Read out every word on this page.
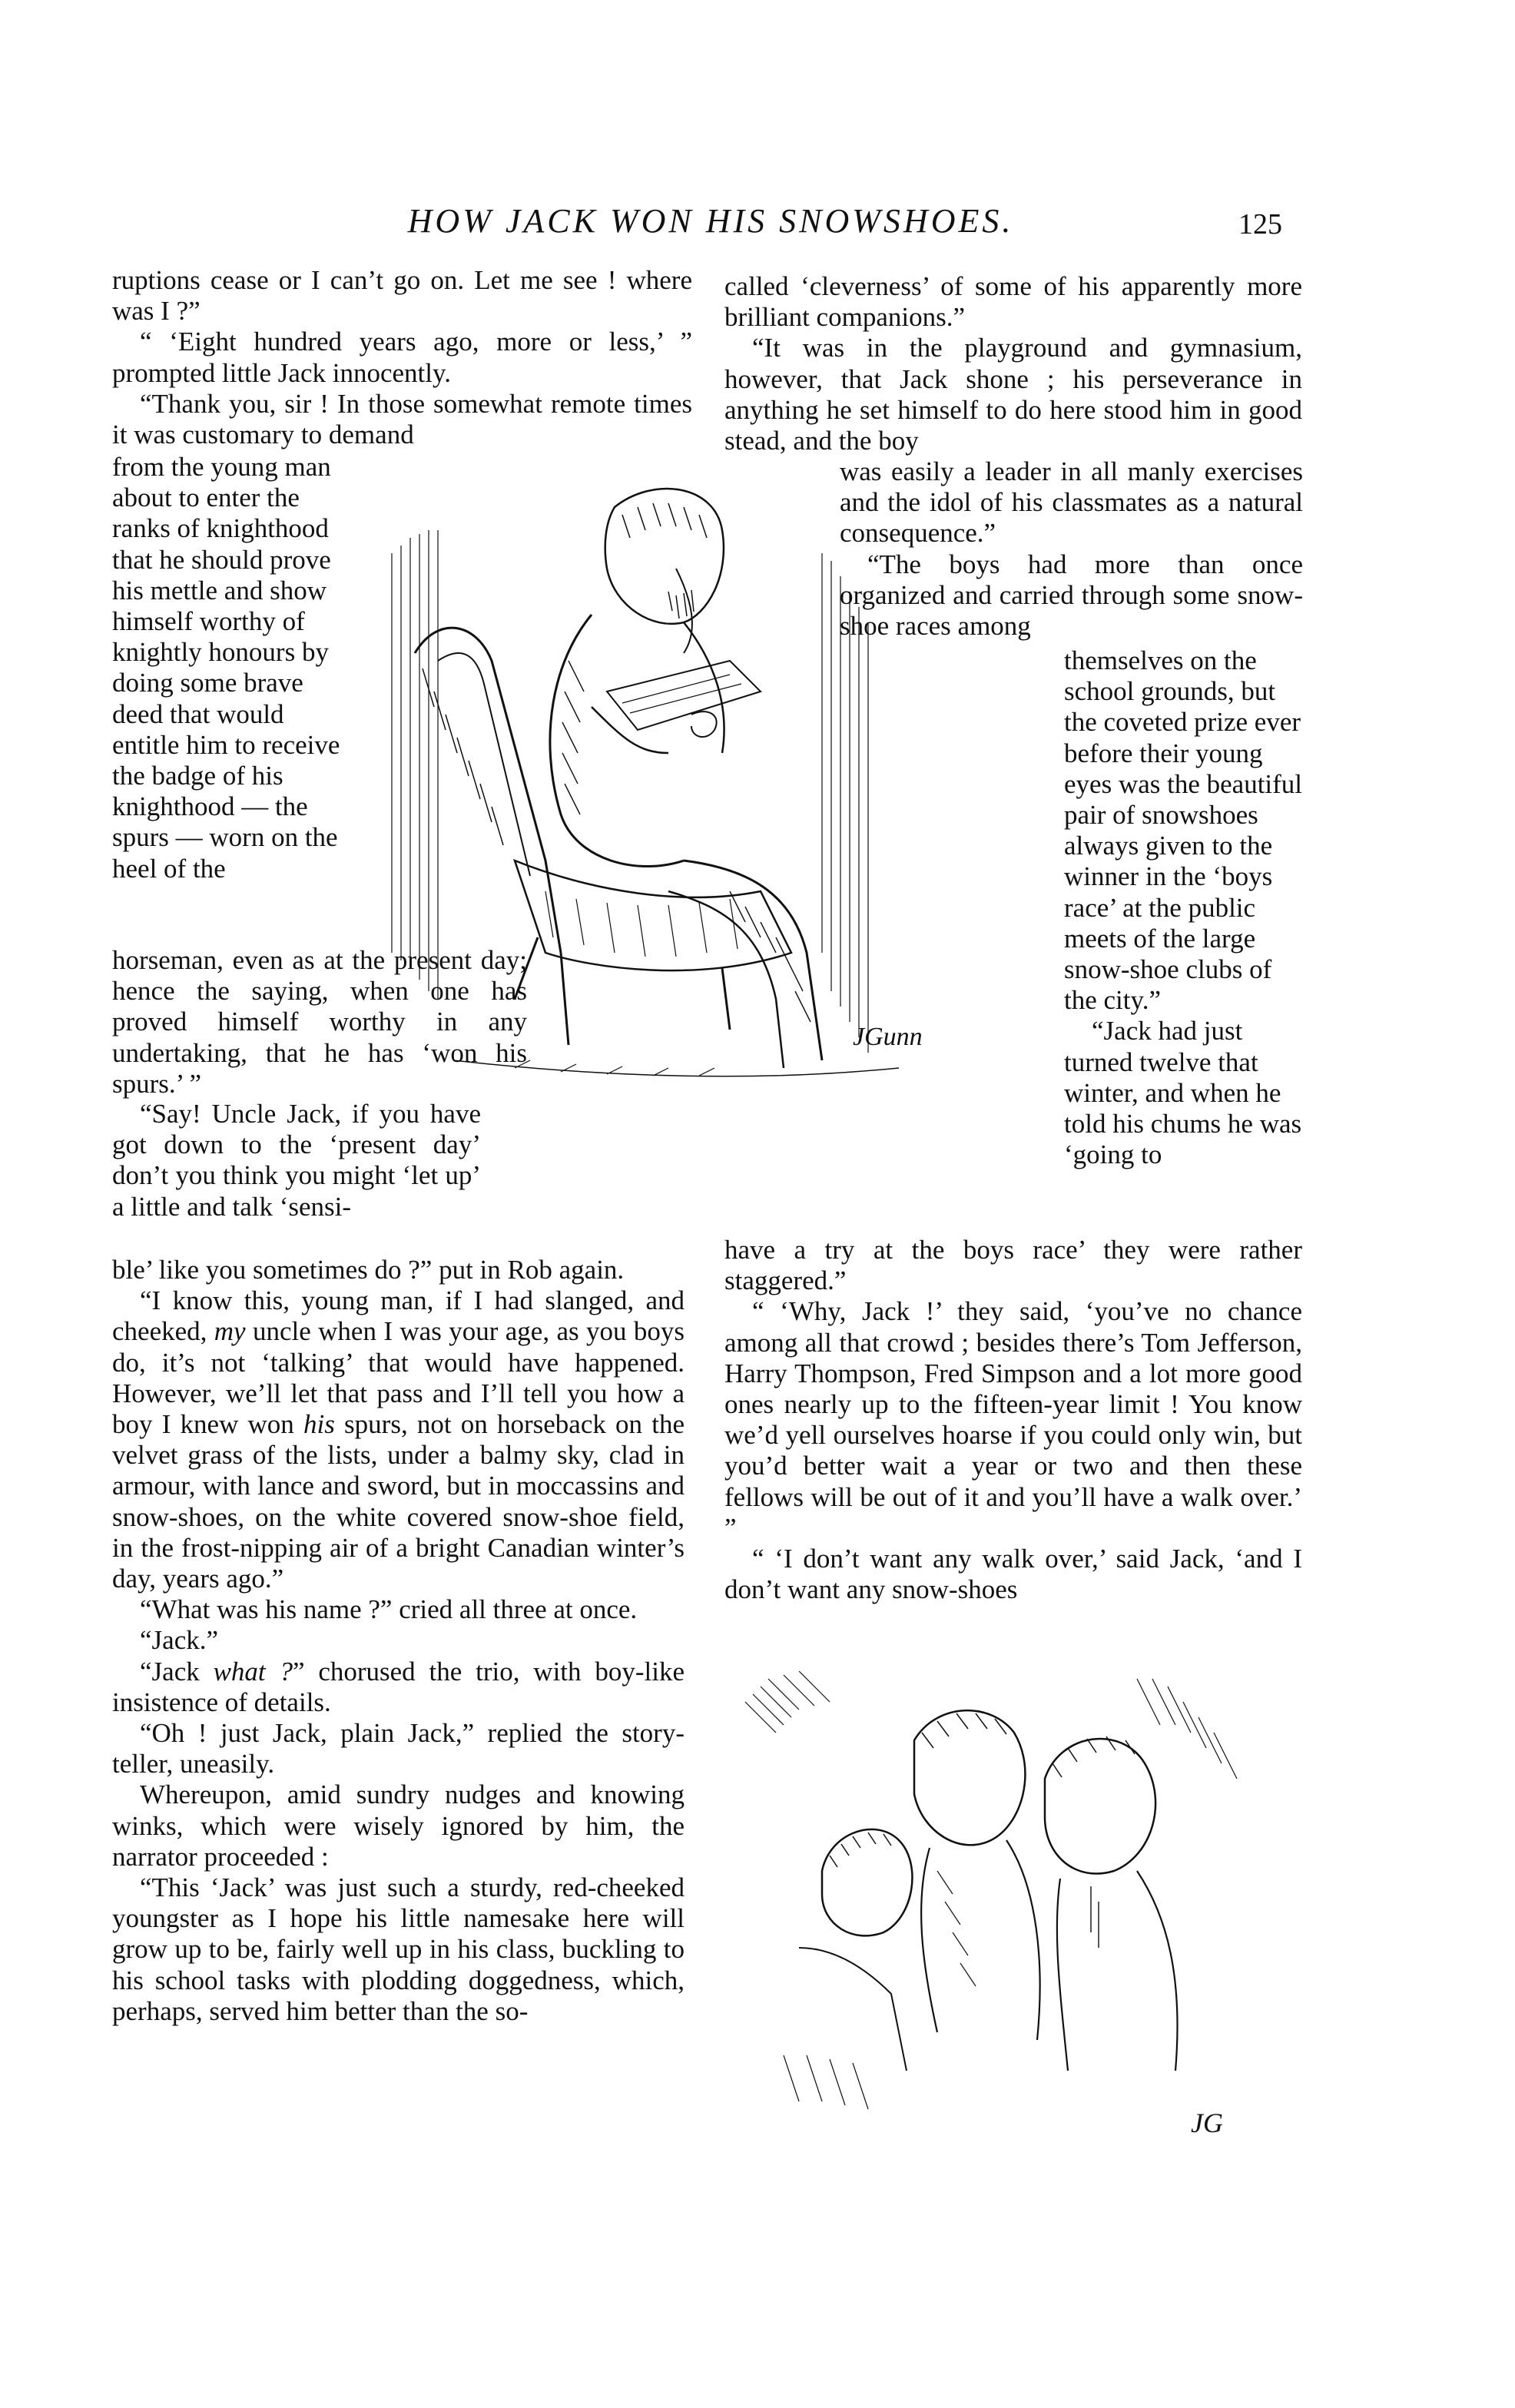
HOW JACK WON HIS SNOWSHOES.	125

ruptions cease or I can’t go on. Let me see ! where was I ?”

“ ‘Eight hundred years ago, more or less,’ ” prompted little Jack innocently.

“Thank you, sir ! In those somewhat remote times it was customary to demand

from the young man about to enter the ranks of knighthood that he should prove his mettle and show himself worthy of knightly honours by doing some brave deed that would entitle him to receive the badge of his knighthood — the spurs — worn on the heel of the

horseman, even as at the present day; hence the saying, when one has proved himself worthy in any undertaking, that he has ‘won his spurs.’ ”

“Say! Uncle Jack, if you have got down to the ‘present day’ don’t you think you might ‘let up’ a little and talk ‘sensi-

ble’ like you sometimes do ?” put in Rob again.

“I know this, young man, if I had slanged, and cheeked, my uncle when I was your age, as you boys do, it’s not ‘talking’ that would have happened. However, we’ll let that pass and I’ll tell you how a boy I knew won his spurs, not on horseback on the velvet grass of the lists, under a balmy sky, clad in armour, with lance and sword, but in moccassins and snow-shoes, on the white covered snow-shoe field, in the frost-nipping air of a bright Canadian winter’s day, years ago.”

“What was his name ?” cried all three at once.

“Jack.”

“Jack what ?” chorused the trio, with boy-like insistence of details.

“Oh ! just Jack, plain Jack,” replied the story-teller, uneasily.

Whereupon, amid sundry nudges and knowing winks, which were wisely ignored by him, the narrator proceeded :

“This ‘Jack’ was just such a sturdy, red-cheeked youngster as I hope his little namesake here will grow up to be, fairly well up in his class, buckling to his school tasks with plodding doggedness, which, perhaps, served him better than the so-

called ‘cleverness’ of some of his apparently more brilliant companions.”

“It was in the playground and gymnasium, however, that Jack shone ; his perseverance in anything he set himself to do here stood him in good stead, and the boy

was easily a leader in all manly exercises and the idol of his classmates as a natural consequence.”

“The boys had more than once organized and carried through some snow-shoe races among

themselves on the school grounds, but the coveted prize ever before their young eyes was the beautiful pair of snowshoes always given to the winner in the ‘boys race’ at the public meets of the large snow-shoe clubs of the city.”

“Jack had just turned twelve that winter, and when he told his chums he was ‘going to

have a try at the boys race’ they were rather staggered.”

“ ‘Why, Jack !’ they said, ‘you’ve no chance among all that crowd ; besides there’s Tom Jefferson, Harry Thompson, Fred Simpson and a lot more good ones nearly up to the fifteen-year limit ! You know we’d yell ourselves hoarse if you could only win, but you’d better wait a year or two and then these fellows will be out of it and you’ll have a walk over.’ ”

“ ‘I don’t want any walk over,’ said Jack, ‘and I don’t want any snow-shoes

JGunn
JG
